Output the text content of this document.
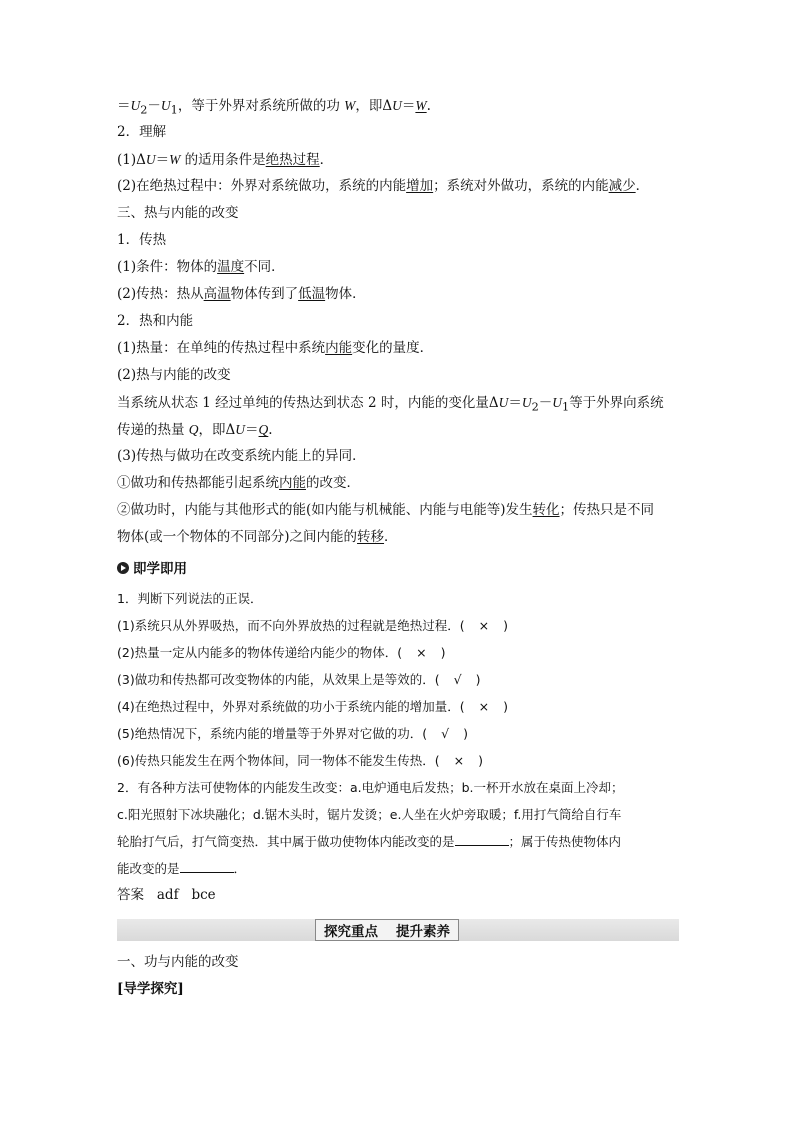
$=U_2-U_1$，等于外界对系统所做的功 W，即ΔU＝W.
2．理解
(1)ΔU＝W 的适用条件是绝热过程．
(2)在绝热过程中：外界对系统做功，系统的内能增加；系统对外做功，系统的内能减少．
三、热与内能的改变
1．传热
(1)条件：物体的温度不同．
(2)传热：热从高温物体传到了低温物体．
2．热和内能
(1)热量：在单纯的传热过程中系统内能变化的量度．
(2)热与内能的改变
当系统从状态 1 经过单纯的传热达到状态 2 时，内能的变化量$\Delta U=U_2-U_1$等于外界向系统
传递的热量 Q，即ΔU＝Q.
(3)传热与做功在改变系统内能上的异同．
①做功和传热都能引起系统内能的改变．
②做功时，内能与其他形式的能(如内能与机械能、内能与电能等)发生转化；传热只是不同
物体(或一个物体的不同部分)之间内能的转移．
即学即用
1．判断下列说法的正误．
(1)系统只从外界吸热，而不向外界放热的过程就是绝热过程．( × )
(2)热量一定从内能多的物体传递给内能少的物体．( × )
(3)做功和传热都可改变物体的内能，从效果上是等效的．( √ )
(4)在绝热过程中，外界对系统做的功小于系统内能的增加量．( × )
(5)绝热情况下，系统内能的增量等于外界对它做的功．( √ )
(6)传热只能发生在两个物体间，同一物体不能发生传热．( × )
2．有各种方法可使物体的内能发生改变：a.电炉通电后发热；b.一杯开水放在桌面上冷却；
c.阳光照射下冰块融化；d.锯木头时，锯片发烫；e.人坐在火炉旁取暖；f.用打气筒给自行车
轮胎打气后，打气筒变热．其中属于做功使物体内能改变的是	；属于传热使物体内
能改变的是	．
答案 adf bce
探究重点 提升素养
一、功与内能的改变
[导学探究]
